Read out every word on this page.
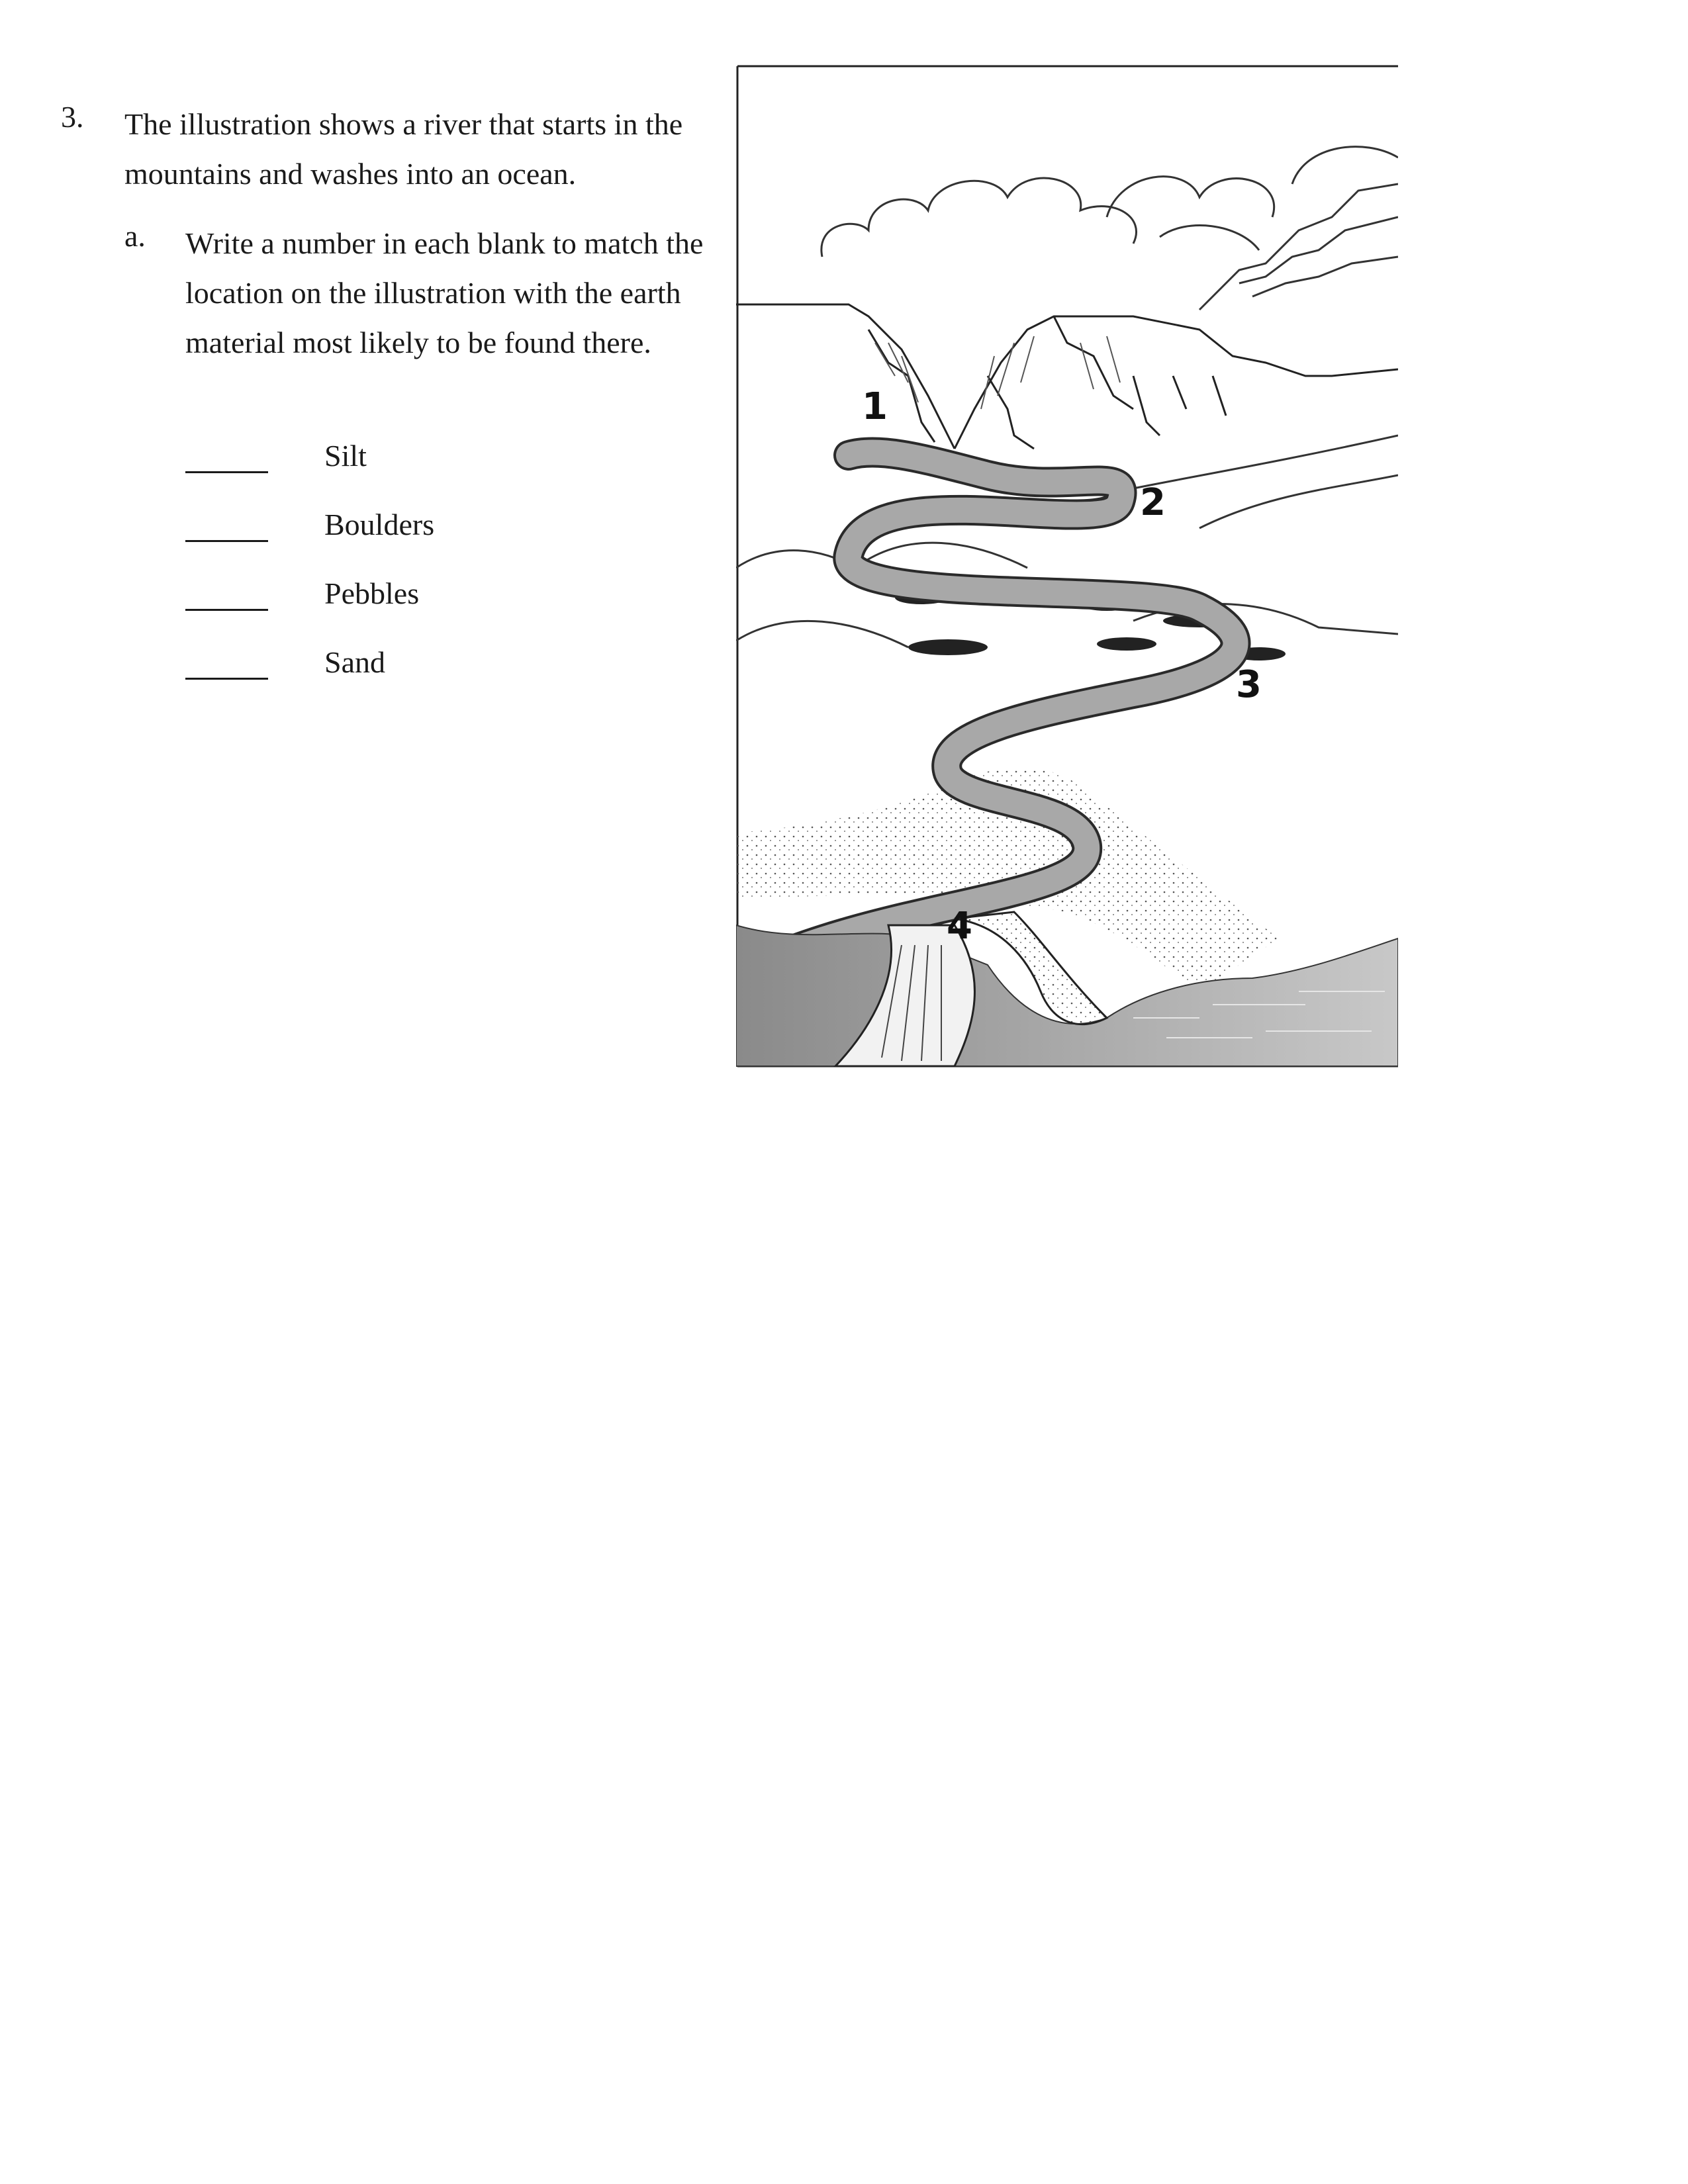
3. The illustration shows a river that starts in the mountains and washes into an ocean.
a. Write a number in each blank to match the location on the illustration with the earth material most likely to be found there.
Silt
Boulders
Pebbles
Sand
1
2
3
4
